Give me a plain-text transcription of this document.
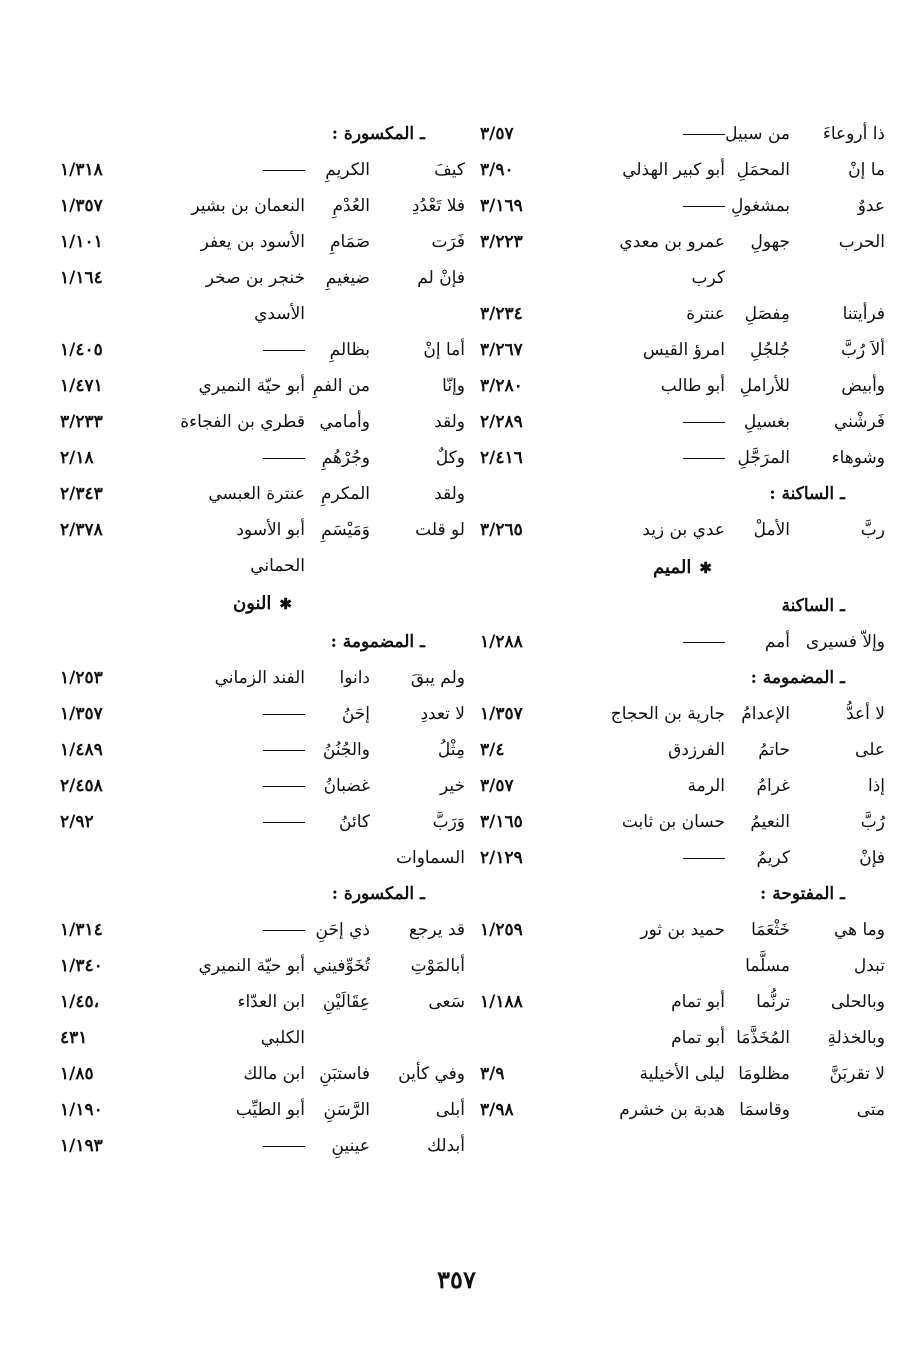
ذا أروعاءَ
من سبيل
٣/٥٧
ما إنْ
المحمَلِ
أبو كبير الهذلي
٣/٩٠
عدوٌ
بمشغولِ
٣/١٦٩
الحرب
جهولِ
عمرو بن معدي
٣/٢٢٣
كرب
فرأيتنا
مِفصَلِ
عنترة
٣/٢٣٤
ألاَ رُبَّ
جُلجُلِ
امرؤ القيس
٣/٢٦٧
وأبيض
للأراملِ
أبو طالب
٣/٢٨٠
فَرشْني
بغسيلِ
٢/٢٨٩
وشوهاء
المرَجَّلِ
٢/٤١٦
ـ الساكنة :
ربَّ
الأملْ
عدي بن زيد
٣/٢٦٥
✱الميم
ـ الساكنة
وإلاّ فسيرى
أمم
١/٢٨٨
ـ المضمومة :
لا أعدُّ
الإعدامُ
جارية بن الحجاج
١/٣٥٧
على
حاتمُ
الفرزدق
٣/٤
إذا
غرامُ
الرمة
٣/٥٧
رُبَّ
النعيمُ
حسان بن ثابت
٣/١٦٥
فإنْ
كريمُ
٢/١٢٩
ـ المفتوحة :
وما هي
خَثْعَمَا
حميد بن ثور
١/٢٥٩
تبدل
مسلَّما
وبالحلى
ترنُّما
أبو تمام
١/١٨٨
وبالخذلةِ
المُخَذَّمَا
أبو تمام
لا تقربَنَّ
مظلومَا
ليلى الأخيلية
٣/٩
متى
وقاسمَا
هدبة بن خشرم
٣/٩٨
ـ المكسورة :
كيفَ
الكريمِ
١/٣١٨
فلا تَعْدُدِ
العُدْمِ
النعمان بن بشير
١/٣٥٧
فَرَت
صَمَامِ
الأسود بن يعفر
١/١٠١
فإنْ لم
ضيغيمِ
خنجر بن صخر
١/١٦٤
الأسدي
أما إنْ
بظالمِ
١/٤٠٥
وإنّا
من الفمِ
أبو حيّة النميري
١/٤٧١
ولقد
وأمامي
قطري بن الفجاءة
٣/٢٣٣
وكلٌ
وجُرْهُمِ
٢/١٨
ولقد
المكرمِ
عنترة العبسي
٢/٣٤٣
لو قلت
وَمَيْسَمِ
أبو الأسود
٢/٣٧٨
الحماني
✱النون
ـ المضمومة :
ولم يبقَ
دانوا
الفند الزماني
١/٢٥٣
لا تعددِ
إحَنُ
١/٣٥٧
مِثْلُ
والجُنُنُ
١/٤٨٩
خير
غضبانُ
٢/٤٥٨
وَرَبَّ
كائنُ
٢/٩٢
السماوات
ـ المكسورة :
قد يرجع
ذي إحَنِ
١/٣١٤
أبالمَوْتِ
تُخَوِّفيني
أبو حيّة النميري
١/٣٤٠
سَعى
عِقَالَيْنِ
ابن العدّاء
١/٤٥،
الكلبي
٤٣١
وفي كأين
فاستبَنِ
ابن مالك
١/٨٥
أبلى
الرَّسَنِ
أبو الطيِّب
١/١٩٠
أبدلك
عينينِ
١/١٩٣
٣٥٧
